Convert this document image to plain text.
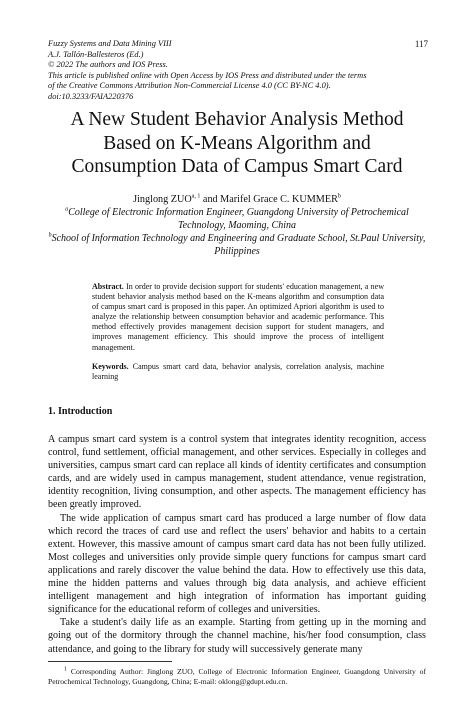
Fuzzy Systems and Data Mining VIII
A.J. Tallón-Ballesteros (Ed.)
© 2022 The authors and IOS Press.
This article is published online with Open Access by IOS Press and distributed under the terms
of the Creative Commons Attribution Non-Commercial License 4.0 (CC BY-NC 4.0).
doi:10.3233/FAIA220376
117
A New Student Behavior Analysis Method
Based on K-Means Algorithm and
Consumption Data of Campus Smart Card
Jinglong ZUO$^{a, 1}$ and Marifel Grace C. KUMMER$^b$
$^a$College of Electronic Information Engineer, Guangdong University of Petrochemical Technology, Maoming, China
$^b$School of Information Technology and Engineering and Graduate School, St.Paul University, Philippines
Abstract. In order to provide decision support for students' education management, a new student behavior analysis method based on the K-means algorithm and consumption data of campus smart card is proposed in this paper. An optimized Apriori algorithm is used to analyze the relationship between consumption behavior and academic performance. This method effectively provides management decision support for student managers, and improves management efficiency. This should improve the process of intelligent management.
Keywords. Campus smart card data, behavior analysis, correlation analysis, machine learning
1. Introduction

A campus smart card system is a control system that integrates identity recognition, access control, fund settlement, official management, and other services. Especially in colleges and universities, campus smart card can replace all kinds of identity certificates and consumption cards, and are widely used in campus management, student attendance, venue registration, identity recognition, living consumption, and other aspects. The management efficiency has been greatly improved.

The wide application of campus smart card has produced a large number of flow data which record the traces of card use and reflect the users' behavior and habits to a certain extent. However, this massive amount of campus smart card data has not been fully utilized. Most colleges and universities only provide simple query functions for campus smart card applications and rarely discover the value behind the data. How to effectively use this data, mine the hidden patterns and values through big data analysis, and achieve efficient intelligent management and high integration of information has important guiding significance for the educational reform of colleges and universities.

Take a student's daily life as an example. Starting from getting up in the morning and going out of the dormitory through the channel machine, his/her food consumption, class attendance, and going to the library for study will successively generate many

$^1$ Corresponding Author: Jinglong ZUO, College of Electronic Information Engineer, Guangdong University of Petrochemical Technology, Guangdong, China; E-mail: oklong@gdupt.edu.cn.
